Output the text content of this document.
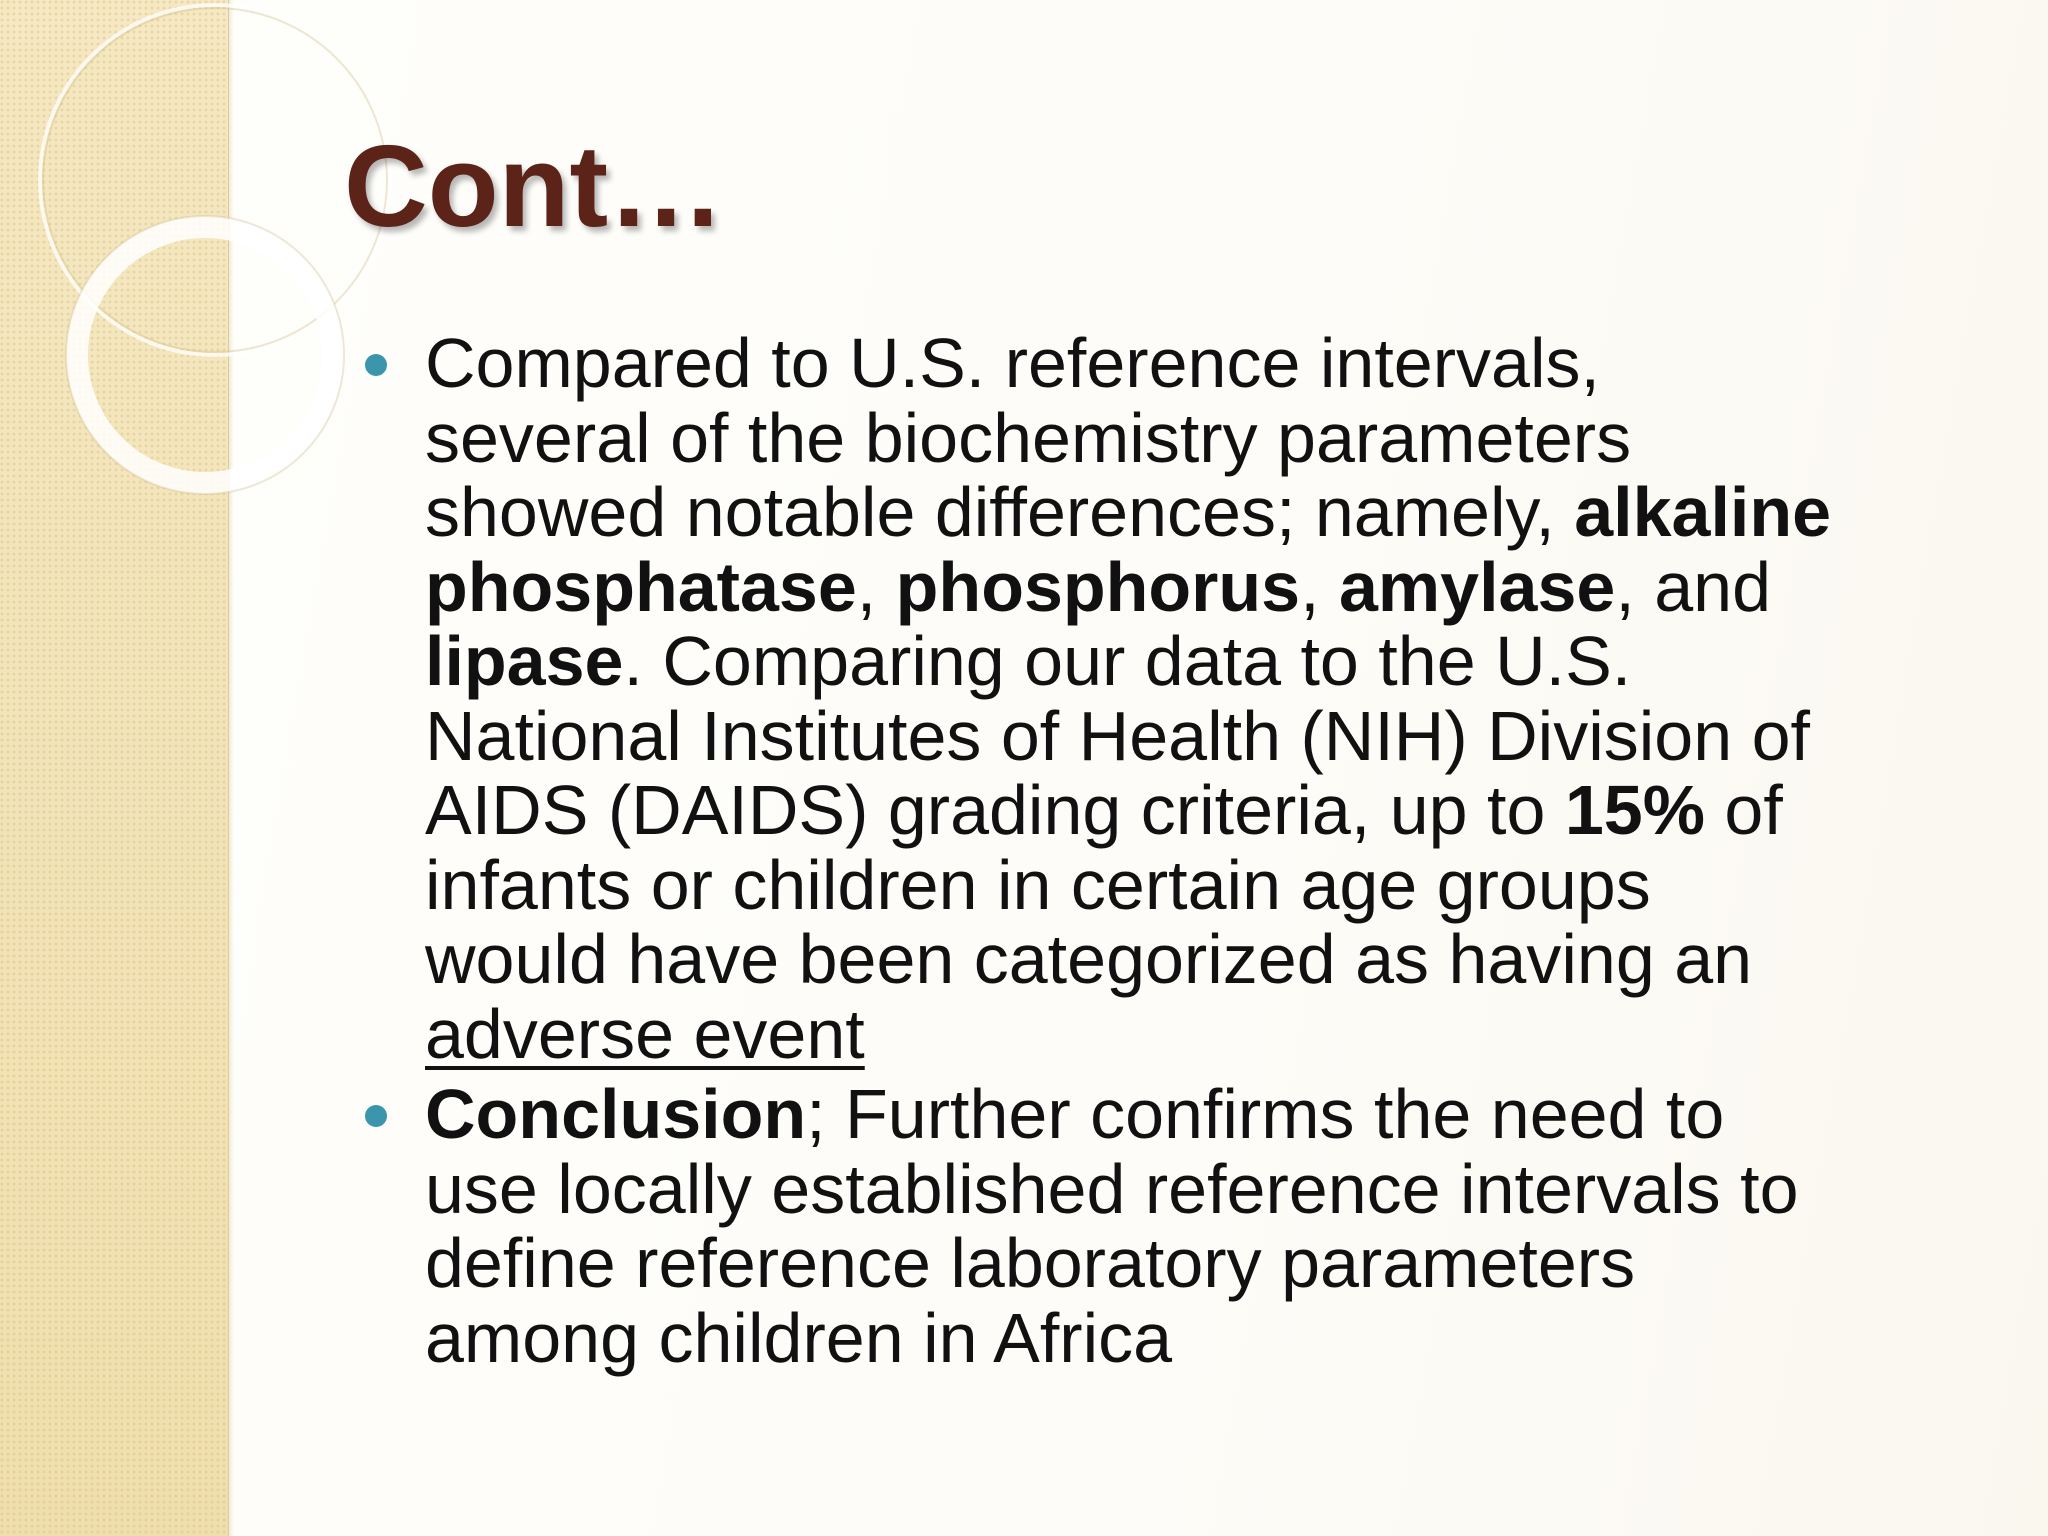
Cont…
Compared to U.S. reference intervals,
several of the biochemistry parameters
showed notable differences; namely, alkaline
phosphatase, phosphorus, amylase, and
lipase. Comparing our data to the U.S.
National Institutes of Health (NIH) Division of
AIDS (DAIDS) grading criteria, up to 15% of
infants or children in certain age groups
would have been categorized as having an
adverse event
Conclusion; Further confirms the need to
use locally established reference intervals to
define reference laboratory parameters
among children in Africa
